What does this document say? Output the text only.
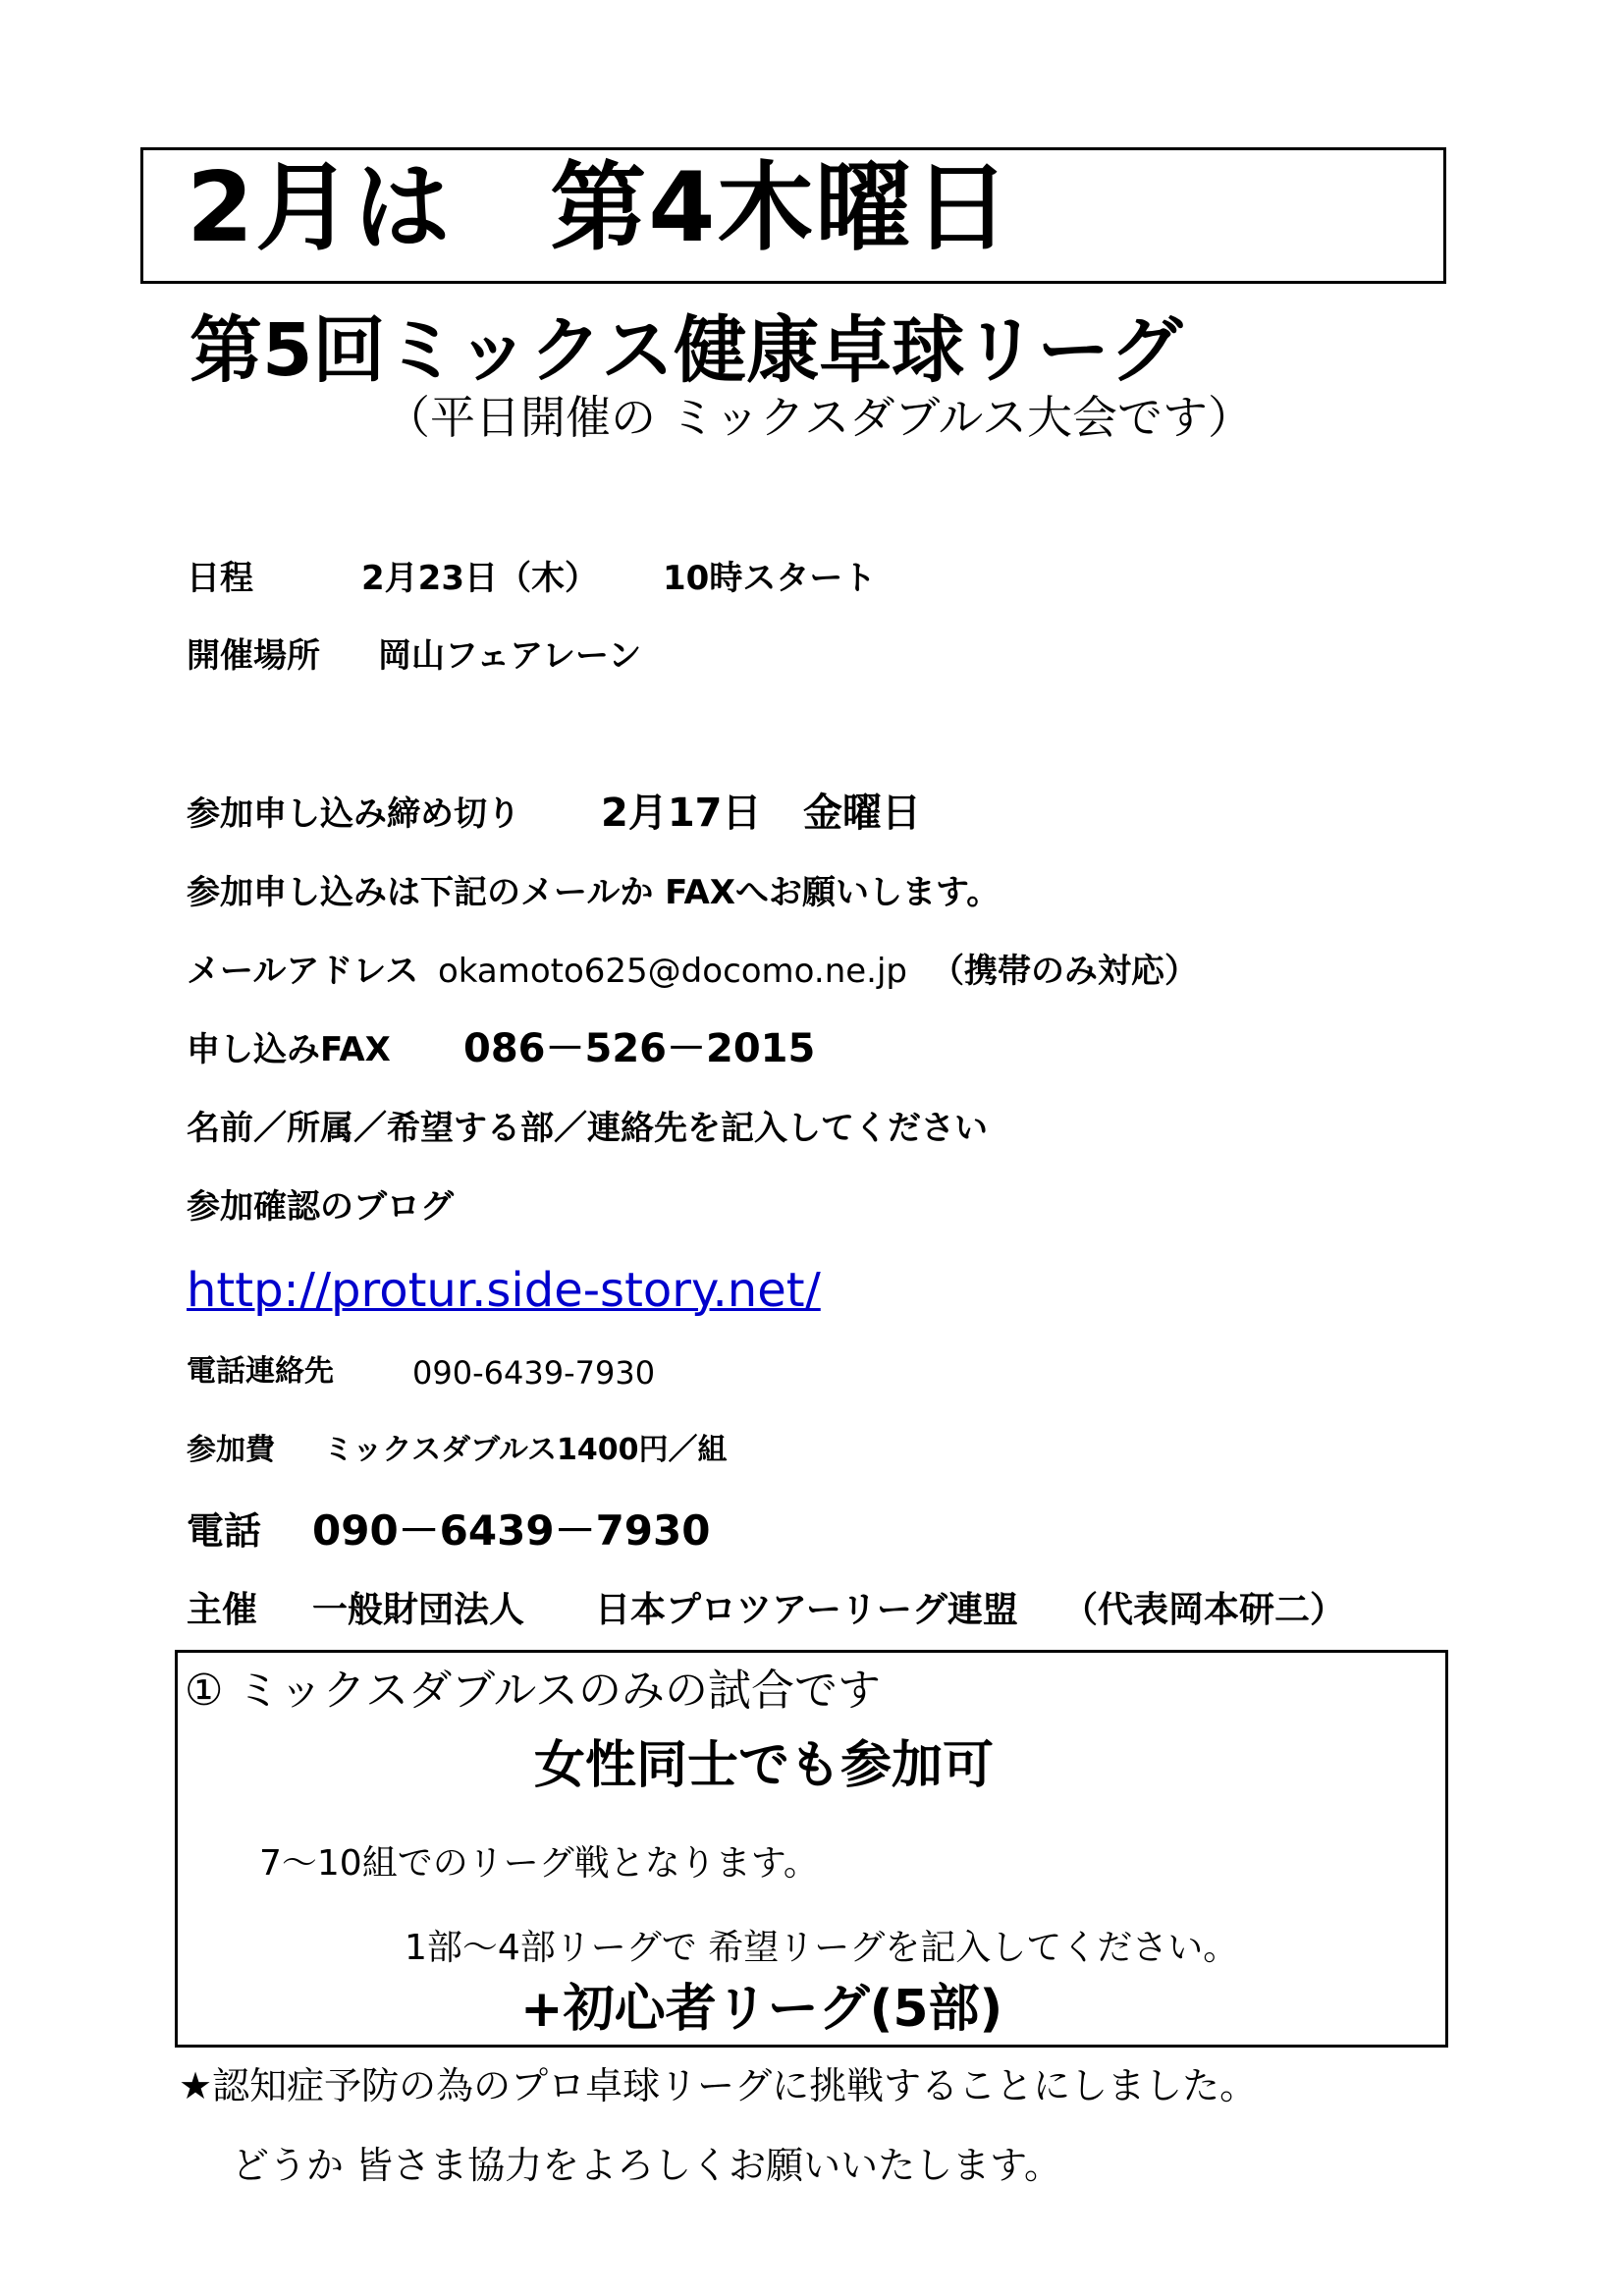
2月は　第4木曜日
第5回ミックス健康卓球リーグ
（平日開催の ミックスダブルス大会です）
日程	2月23日（木） 10時スタート
開催場所 岡山フェアレーン
参加申し込み締め切り 2月17日 金曜日
参加申し込みは下記のメールか FAXへお願いします。
メールアドレス okamoto625@docomo.ne.jp （携帯のみ対応）
申し込みFAX 086－526－2015
名前／所属／希望する部／連絡先を記入してください
参加確認のブログ
http://protur.side-story.net/
電話連絡先	090-6439-7930
参加費 ミックスダブルス1400円／組
電話 090－6439－7930
主催 一般財団法人 日本プロツアーリーグ連盟 （代表岡本研二）
① ミックスダブルスのみの試合です
女性同士でも参加可
7～10組でのリーグ戦となります。
1部～4部リーグで 希望リーグを記入してください。
+初心者リーグ(5部)
★認知症予防の為のプロ卓球リーグに挑戦することにしました。
どうか 皆さま協力をよろしくお願いいたします。
